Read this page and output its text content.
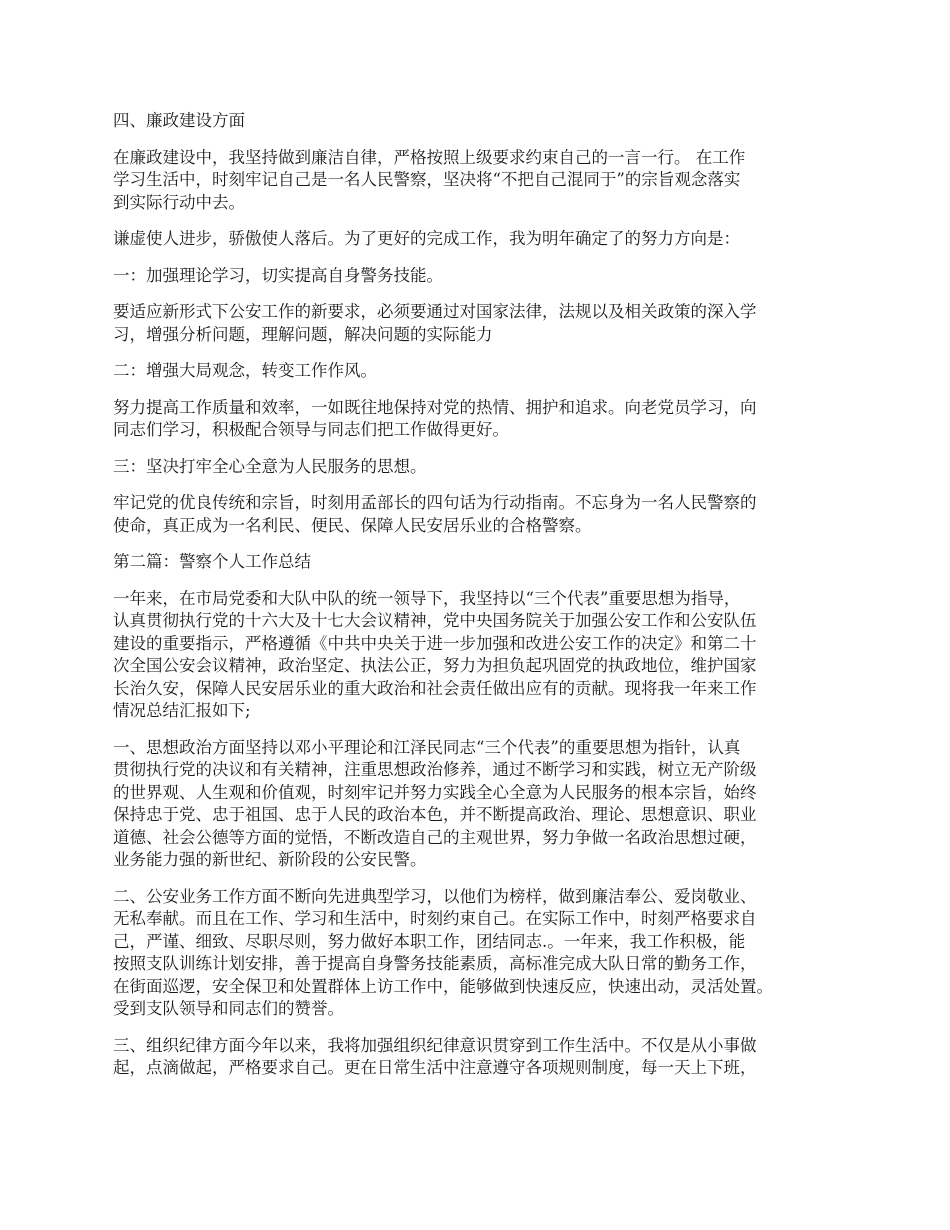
四、廉政建设方面

在廉政建设中，我坚持做到廉洁自律，严格按照上级要求约束自己的一言一行。 在工作
学习生活中，时刻牢记自己是一名人民警察，坚决将“不把自己混同于”的宗旨观念落实
到实际行动中去。

谦虚使人进步，骄傲使人落后。为了更好的完成工作，我为明年确定了的努力方向是：

一：加强理论学习，切实提高自身警务技能。

要适应新形式下公安工作的新要求，必须要通过对国家法律，法规以及相关政策的深入学
习，增强分析问题，理解问题，解决问题的实际能力

二：增强大局观念，转变工作作风。

努力提高工作质量和效率，一如既往地保持对党的热情、拥护和追求。向老党员学习，向
同志们学习，积极配合领导与同志们把工作做得更好。

三：坚决打牢全心全意为人民服务的思想。

牢记党的优良传统和宗旨，时刻用孟部长的四句话为行动指南。不忘身为一名人民警察的
使命，真正成为一名利民、便民、保障人民安居乐业的合格警察。

第二篇：警察个人工作总结

一年来，在市局党委和大队中队的统一领导下，我坚持以“三个代表”重要思想为指导，
认真贯彻执行党的十六大及十七大会议精神，党中央国务院关于加强公安工作和公安队伍
建设的重要指示，严格遵循《中共中央关于进一步加强和改进公安工作的决定》和第二十
次全国公安会议精神，政治坚定、执法公正，努力为担负起巩固党的执政地位，维护国家
长治久安，保障人民安居乐业的重大政治和社会责任做出应有的贡献。现将我一年来工作
情况总结汇报如下;

一、思想政治方面坚持以邓小平理论和江泽民同志“三个代表”的重要思想为指针，认真
贯彻执行党的决议和有关精神，注重思想政治修养，通过不断学习和实践，树立无产阶级
的世界观、人生观和价值观，时刻牢记并努力实践全心全意为人民服务的根本宗旨，始终
保持忠于党、忠于祖国、忠于人民的政治本色，并不断提高政治、理论、思想意识、职业
道德、社会公德等方面的觉悟，不断改造自己的主观世界，努力争做一名政治思想过硬，
业务能力强的新世纪、新阶段的公安民警。

二、公安业务工作方面不断向先进典型学习，以他们为榜样，做到廉洁奉公、爱岗敬业、
无私奉献。而且在工作、学习和生活中，时刻约束自己。在实际工作中，时刻严格要求自
己，严谨、细致、尽职尽则，努力做好本职工作，团结同志.。一年来，我工作积极，能
按照支队训练计划安排，善于提高自身警务技能素质，高标准完成大队日常的勤务工作，
在街面巡逻，安全保卫和处置群体上访工作中，能够做到快速反应，快速出动，灵活处置。
受到支队领导和同志们的赞誉。

三、组织纪律方面今年以来，我将加强组织纪律意识贯穿到工作生活中。不仅是从小事做
起，点滴做起，严格要求自己。更在日常生活中注意遵守各项规则制度，每一天上下班，
